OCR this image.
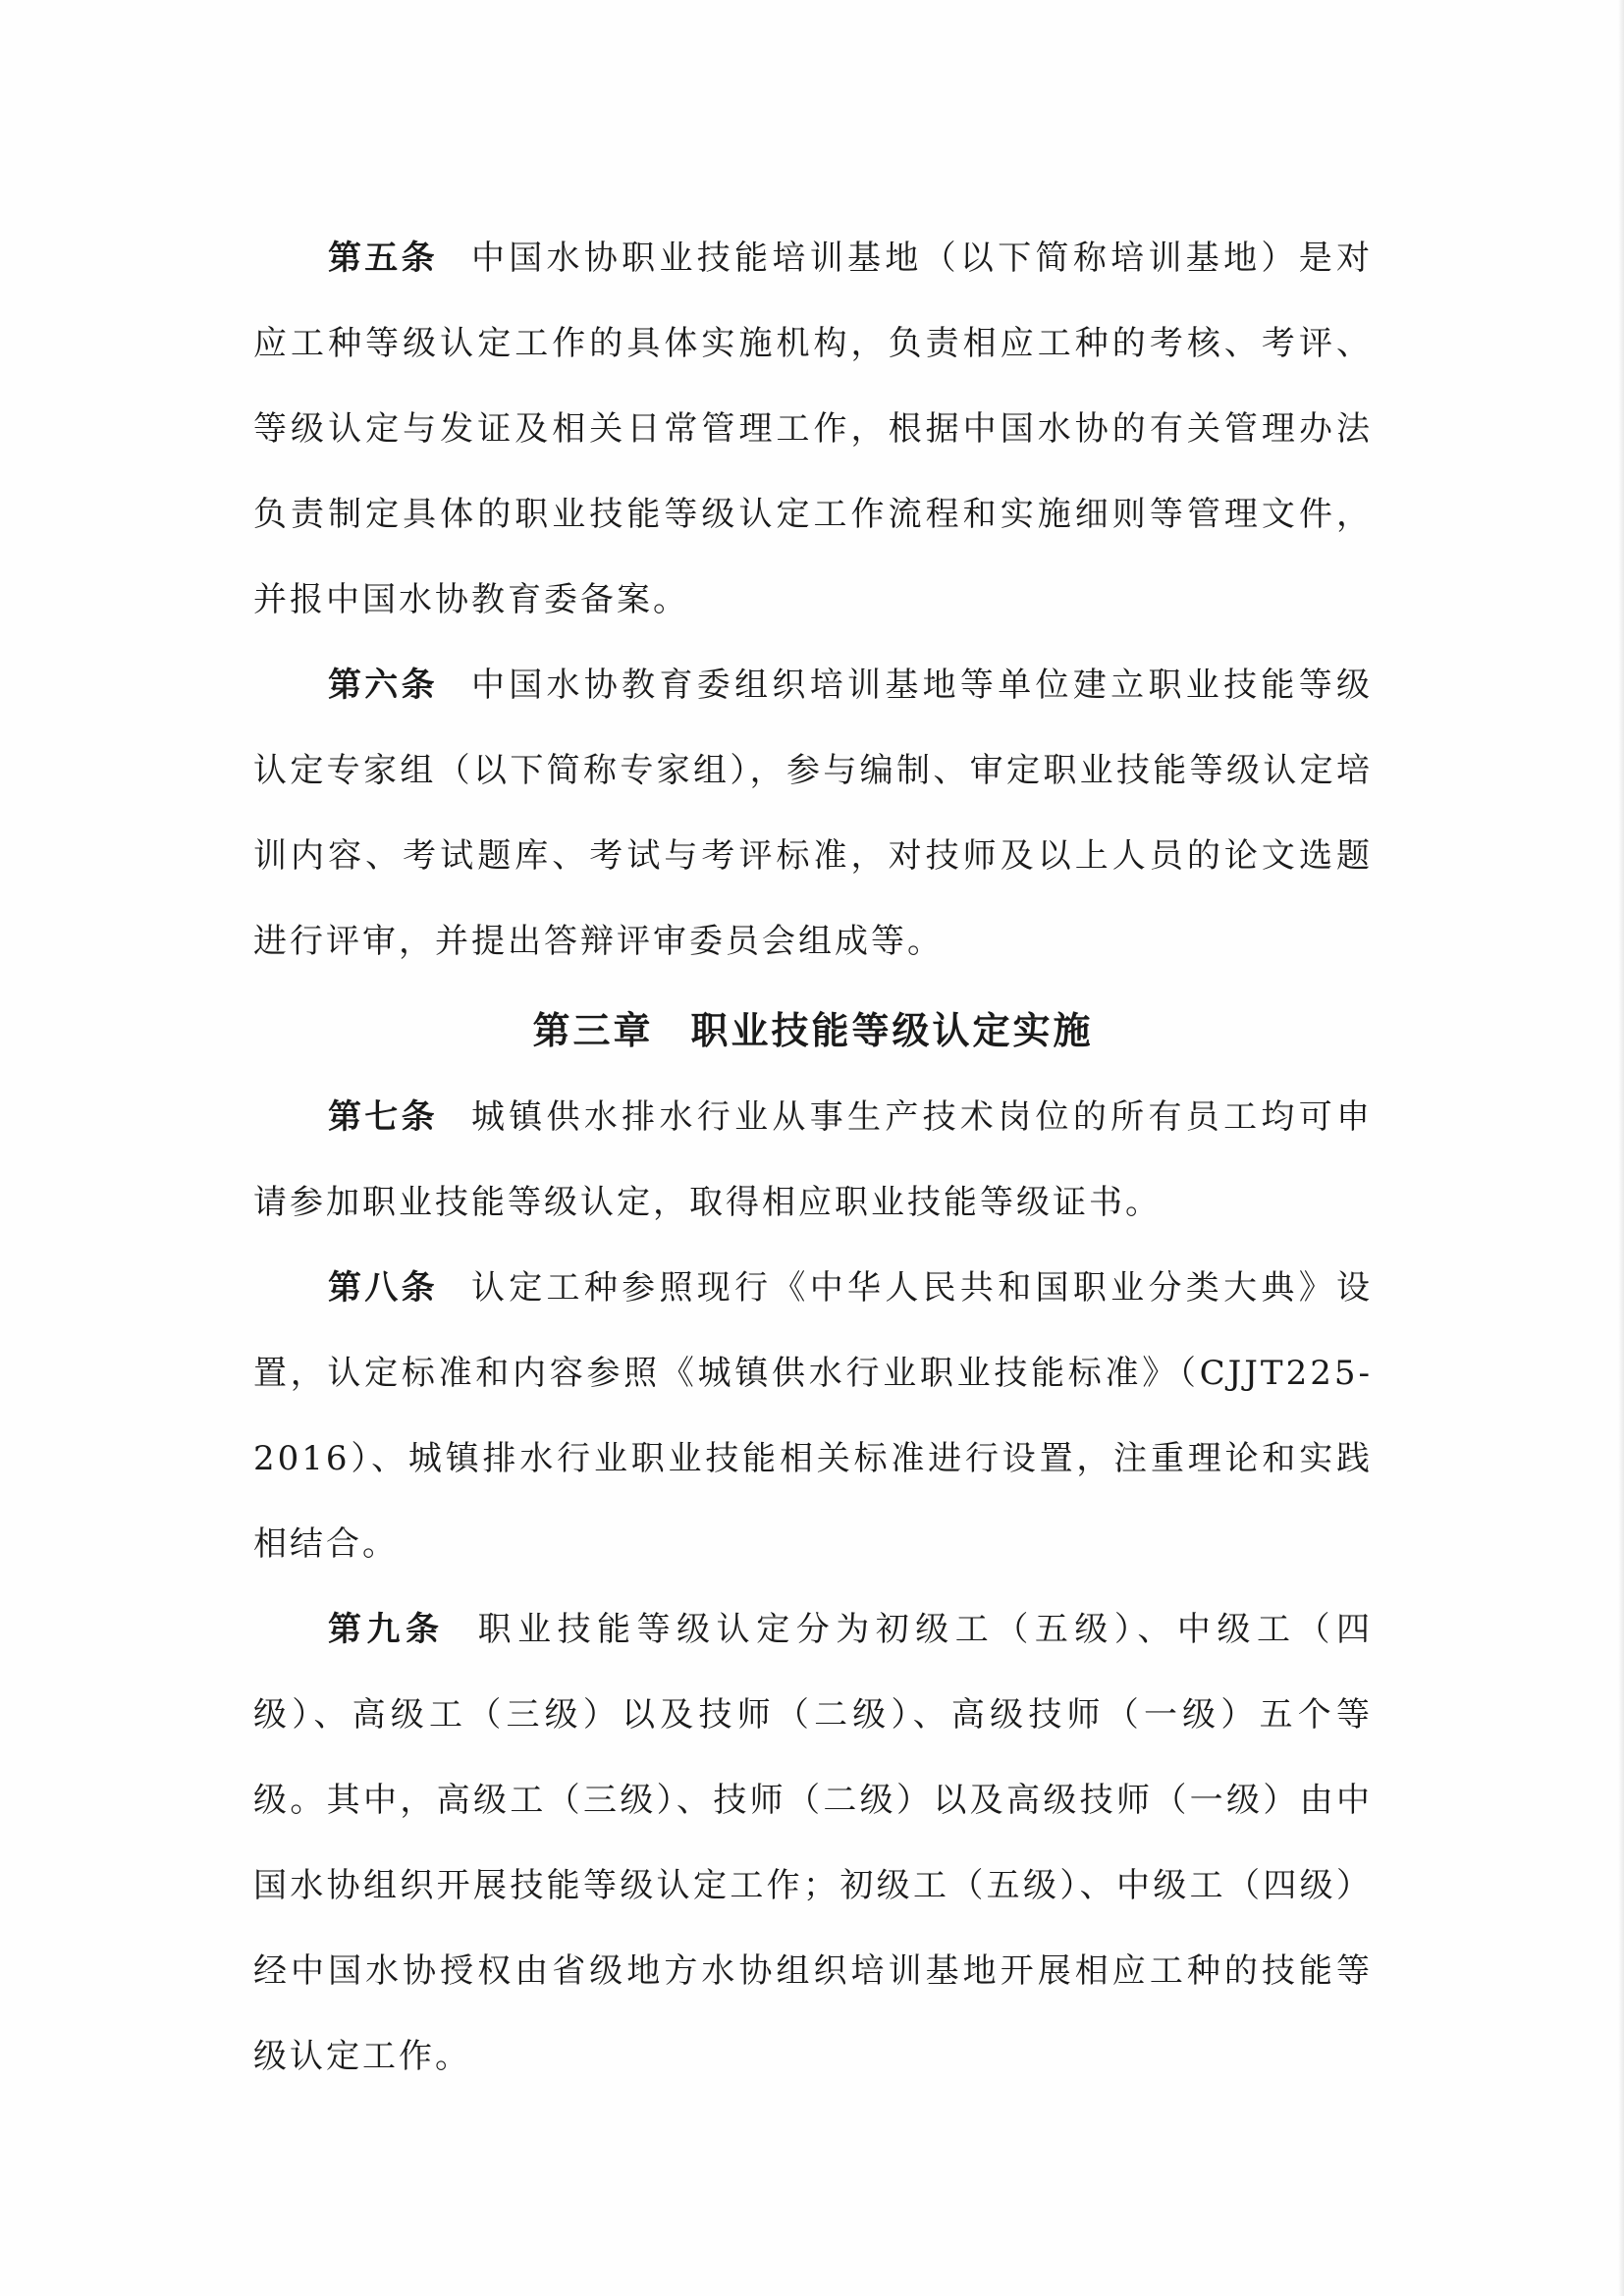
第五条 中国水协职业技能培训基地（以下简称培训基地）是对应工种等级认定工作的具体实施机构，负责相应工种的考核、考评、等级认定与发证及相关日常管理工作，根据中国水协的有关管理办法负责制定具体的职业技能等级认定工作流程和实施细则等管理文件，并报中国水协教育委备案。

第六条 中国水协教育委组织培训基地等单位建立职业技能等级认定专家组（以下简称专家组），参与编制、审定职业技能等级认定培训内容、考试题库、考试与考评标准，对技师及以上人员的论文选题进行评审，并提出答辩评审委员会组成等。

第三章 职业技能等级认定实施

第七条 城镇供水排水行业从事生产技术岗位的所有员工均可申请参加职业技能等级认定，取得相应职业技能等级证书。

第八条 认定工种参照现行《中华人民共和国职业分类大典》设置，认定标准和内容参照《城镇供水行业职业技能标准》（CJJT225-2016）、城镇排水行业职业技能相关标准进行设置，注重理论和实践相结合。

第九条 职业技能等级认定分为初级工（五级）、中级工（四级）、高级工（三级）以及技师（二级）、高级技师（一级）五个等级。其中，高级工（三级）、技师（二级）以及高级技师（一级）由中国水协组织开展技能等级认定工作；初级工（五级）、中级工（四级）经中国水协授权由省级地方水协组织培训基地开展相应工种的技能等级认定工作。
